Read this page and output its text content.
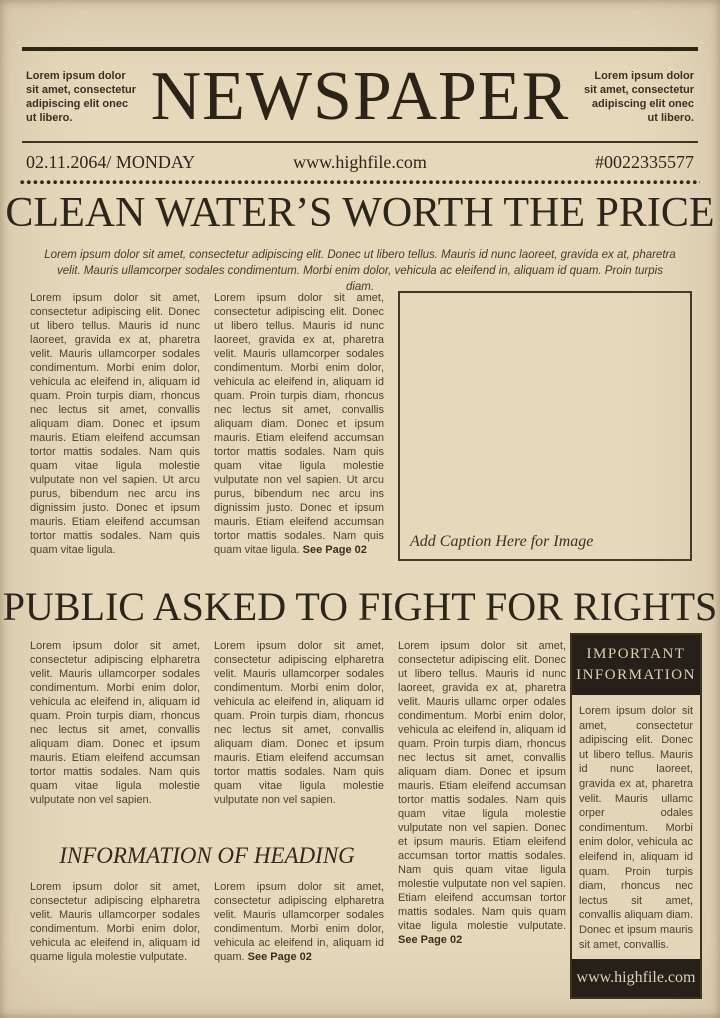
Lorem ipsum dolor sit amet, consectetur adipiscing elit onec ut libero.	NEWSPAPER	Lorem ipsum dolor sit amet, consectetur adipiscing elit onec ut libero.
02.11.2064/ MONDAY	www.highfile.com	#0022335577
CLEAN WATER’S WORTH THE PRICE
Lorem ipsum dolor sit amet, consectetur adipiscing elit. Donec ut libero tellus. Mauris id nunc laoreet, gravida ex at, pharetra velit. Mauris ullamcorper sodales condimentum. Morbi enim dolor, vehicula ac eleifend in, aliquam id quam. Proin turpis diam.

Lorem ipsum dolor sit amet, consectetur adipiscing elit. Donec ut libero tellus. Mauris id nunc laoreet, gravida ex at, pharetra velit. Mauris ullamcorper sodales condimentum. Morbi enim dolor, vehicula ac eleifend in, aliquam id quam. Proin turpis diam, rhoncus nec lectus sit amet, convallis aliquam diam. Donec et ipsum mauris. Etiam eleifend accumsan tortor mattis sodales. Nam quis quam vitae ligula molestie vulputate non vel sapien. Ut arcu purus, bibendum nec arcu ins dignissim justo. Donec et ipsum mauris. Etiam eleifend accumsan tortor mattis sodales. Nam quis quam vitae ligula.

Lorem ipsum dolor sit amet, consectetur adipiscing elit. Donec ut libero tellus. Mauris id nunc laoreet, gravida ex at, pharetra velit. Mauris ullamcorper sodales condimentum. Morbi enim dolor, vehicula ac eleifend in, aliquam id quam. Proin turpis diam, rhoncus nec lectus sit amet, convallis aliquam diam. Donec et ipsum mauris. Etiam eleifend accumsan tortor mattis sodales. Nam quis quam vitae ligula molestie vulputate non vel sapien. Ut arcu purus, bibendum nec arcu ins dignissim justo. Donec et ipsum mauris. Etiam eleifend accumsan tortor mattis sodales. Nam quis quam vitae ligula. See Page 02	Add Caption Here for Image
PUBLIC ASKED TO FIGHT FOR RIGHTS

Lorem ipsum dolor sit amet, consectetur adipiscing elpharetra velit. Mauris ullamcorper sodales condimentum. Morbi enim dolor, vehicula ac eleifend in, aliquam id quam. Proin turpis diam, rhoncus nec lectus sit amet, convallis aliquam diam. Donec et ipsum mauris. Etiam eleifend accumsan tortor mattis sodales. Nam quis quam vitae ligula molestie vulputate non vel sapien.

Lorem ipsum dolor sit amet, consectetur adipiscing elpharetra velit. Mauris ullamcorper sodales condimentum. Morbi enim dolor, vehicula ac eleifend in, aliquam id quam. Proin turpis diam, rhoncus nec lectus sit amet, convallis aliquam diam. Donec et ipsum mauris. Etiam eleifend accumsan tortor mattis sodales. Nam quis quam vitae ligula molestie vulputate non vel sapien.

Lorem ipsum dolor sit amet, consectetur adipiscing elit. Donec ut libero tellus. Mauris id nunc laoreet, gravida ex at, pharetra velit. Mauris ullamc orper odales condimentum. Morbi enim dolor, vehicula ac eleifend in, aliquam id quam. Proin turpis diam, rhoncus nec lectus sit amet, convallis aliquam diam. Donec et ipsum mauris. Etiam eleifend accumsan tortor mattis sodales. Nam quis quam vitae ligula molestie vulputate non vel sapien. Donec et ipsum mauris. Etiam eleifend accumsan tortor mattis sodales. Nam quis quam vitae ligula molestie vulputate non vel sapien. Etiam eleifend accumsan tortor mattis sodales. Nam quis quam vitae ligula molestie vulputate. See Page 02

IMPORTANT
INFORMATION

Lorem ipsum dolor sit amet, consectetur adipiscing elit. Donec ut libero tellus. Mauris id nunc laoreet, gravida ex at, pharetra velit. Mauris ullamc orper odales condimentum. Morbi enim dolor, vehicula ac eleifend in, aliquam id quam. Proin turpis diam, rhoncus nec lectus sit amet, convallis aliquam diam. Donec et ipsum mauris sit amet, convallis.

www.highfile.com
INFORMATION OF HEADING

Lorem ipsum dolor sit amet, consectetur adipiscing elpharetra velit. Mauris ullamcorper sodales condimentum. Morbi enim dolor, vehicula ac eleifend in, aliquam id quame ligula molestie vulputate.

Lorem ipsum dolor sit amet, consectetur adipiscing elpharetra velit. Mauris ullamcorper sodales condimentum. Morbi enim dolor, vehicula ac eleifend in, aliquam id quam. See Page 02
